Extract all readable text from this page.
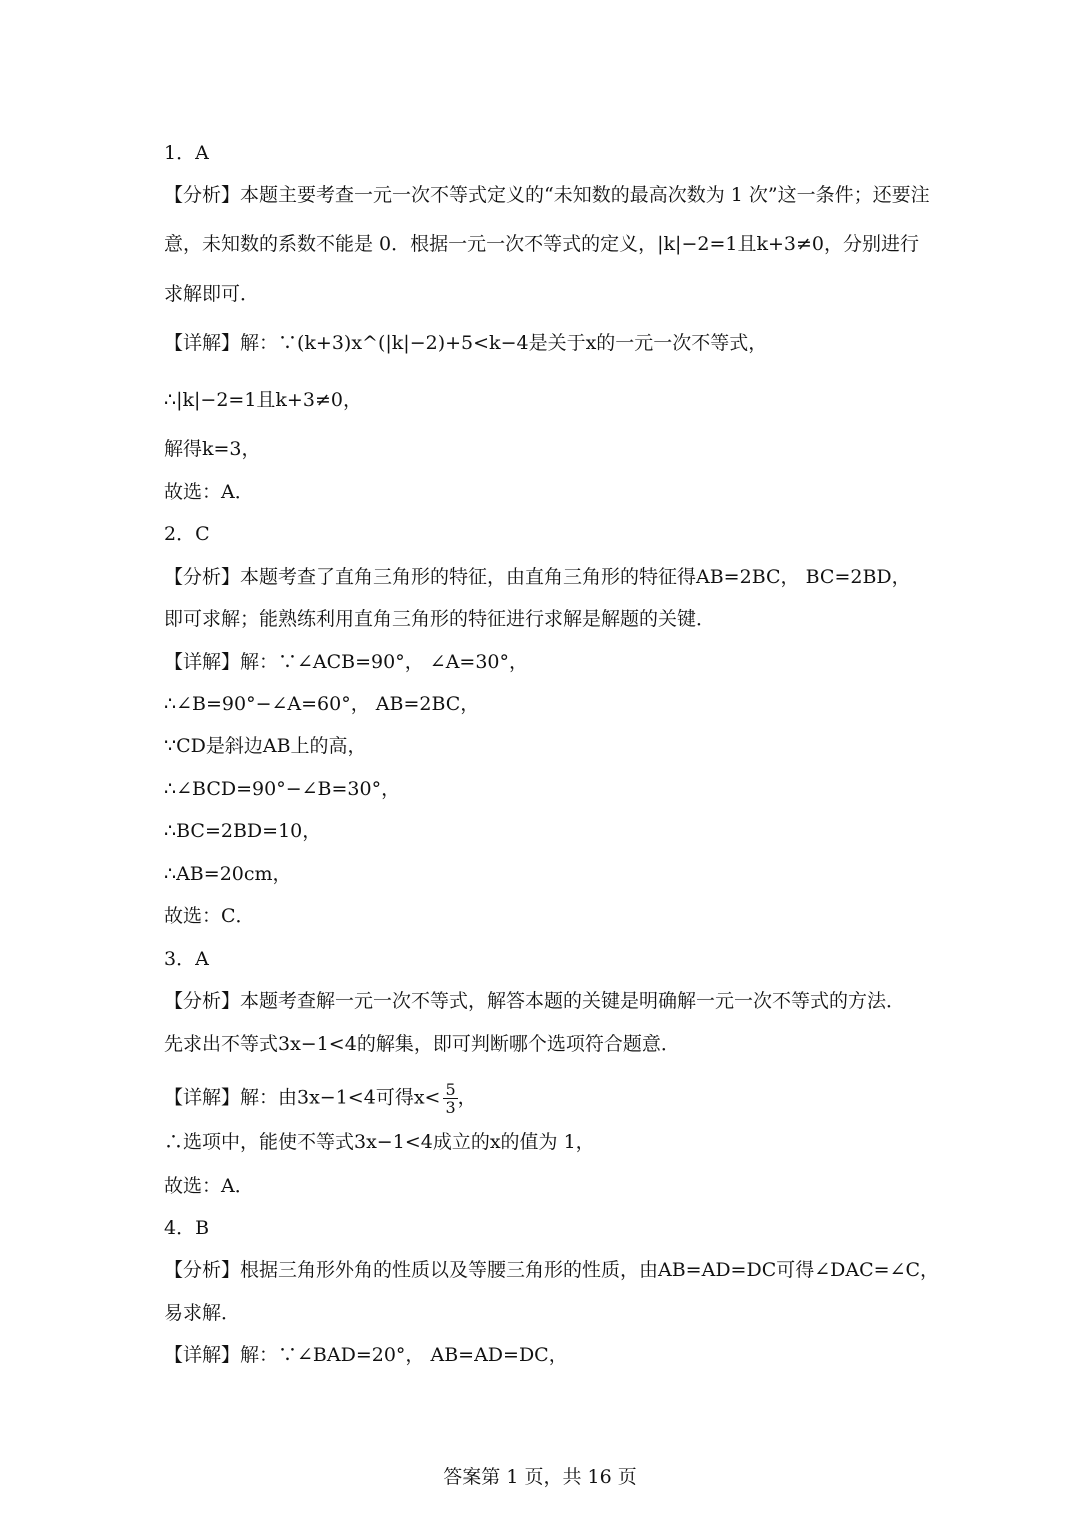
1．A
【分析】本题主要考查一元一次不等式定义的“未知数的最高次数为 1 次”这一条件；还要注
意，未知数的系数不能是 0．根据一元一次不等式的定义，|k|−2=1且k+3≠0，分别进行
求解即可．
【详解】解：∵(k+3)x^(|k|−2)+5<k−4是关于x的一元一次不等式，
∴|k|−2=1且k+3≠0，
解得k=3，
故选：A．
2．C
【分析】本题考查了直角三角形的特征，由直角三角形的特征得AB=2BC， BC=2BD，
即可求解；能熟练利用直角三角形的特征进行求解是解题的关键．
【详解】解：∵∠ACB=90°， ∠A=30°，
∴∠B=90°−∠A=60°， AB=2BC，
∵CD是斜边AB上的高，
∴∠BCD=90°−∠B=30°，
∴BC=2BD=10，
∴AB=20cm，
故选：C．
3．A
【分析】本题考查解一元一次不等式，解答本题的关键是明确解一元一次不等式的方法．
先求出不等式3x−1<4的解集，即可判断哪个选项符合题意．
【详解】解：由3x−1<4可得$x< \frac{5}{3}$ ，
∴选项中，能使不等式3x−1<4成立的x的值为 1，
故选：A．
4．B
【分析】根据三角形外角的性质以及等腰三角形的性质，由AB=AD=DC可得∠DAC=∠C，
易求解．
【详解】解：∵∠BAD=20°， AB=AD=DC，
答案第 1 页，共 16 页
